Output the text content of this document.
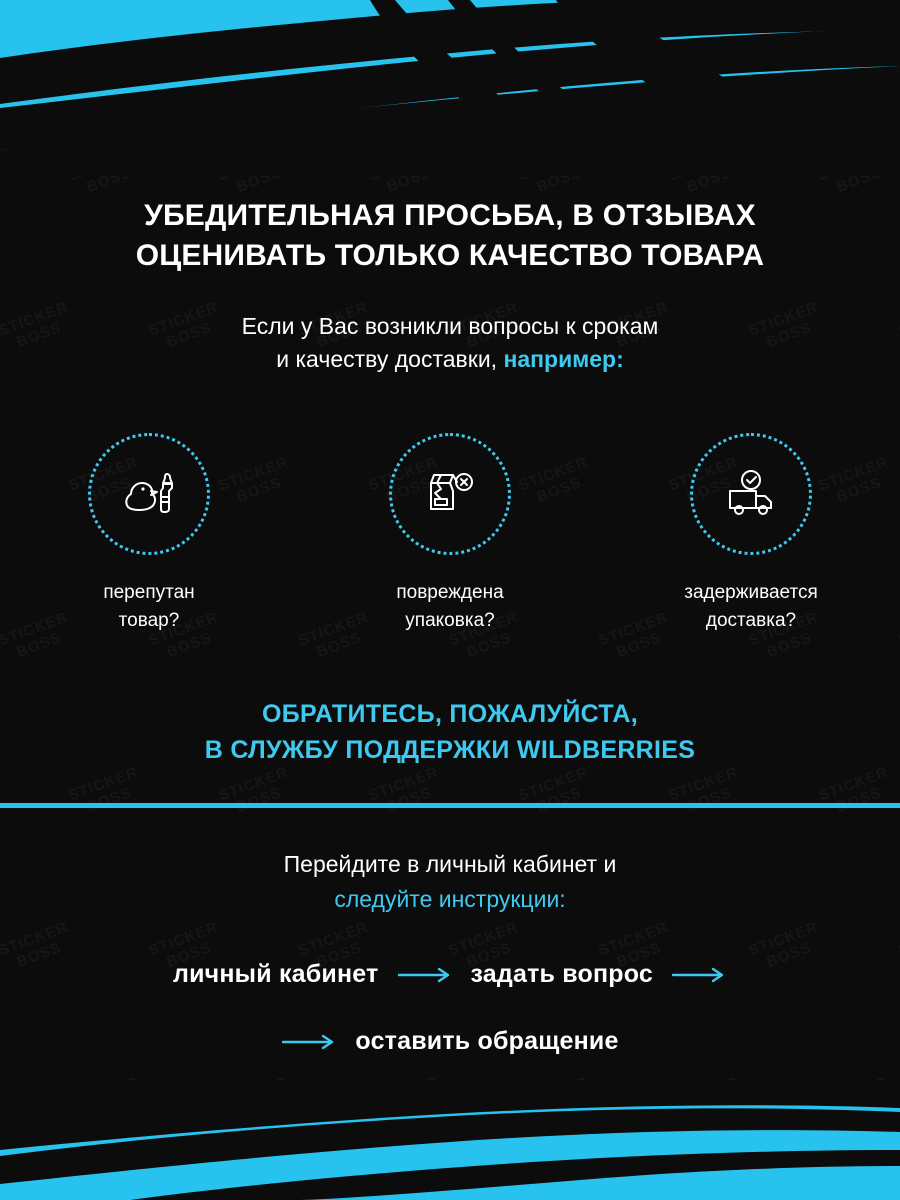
УБЕДИТЕЛЬНАЯ ПРОСЬБА, В ОТЗЫВАХ ОЦЕНИВАТЬ ТОЛЬКО КАЧЕСТВО ТОВАРА
Если у Вас возникли вопросы к срокам
и качеству доставки, например:
перепутан
товар?
повреждена
упаковка?
задерживается
доставка?
ОБРАТИТЕСЬ, ПОЖАЛУЙСТА,
В СЛУЖБУ ПОДДЕРЖКИ WILDBERRIES
Перейдите в личный кабинет и
следуйте инструкции:
личный кабинет	задать вопрос
оставить обращение
